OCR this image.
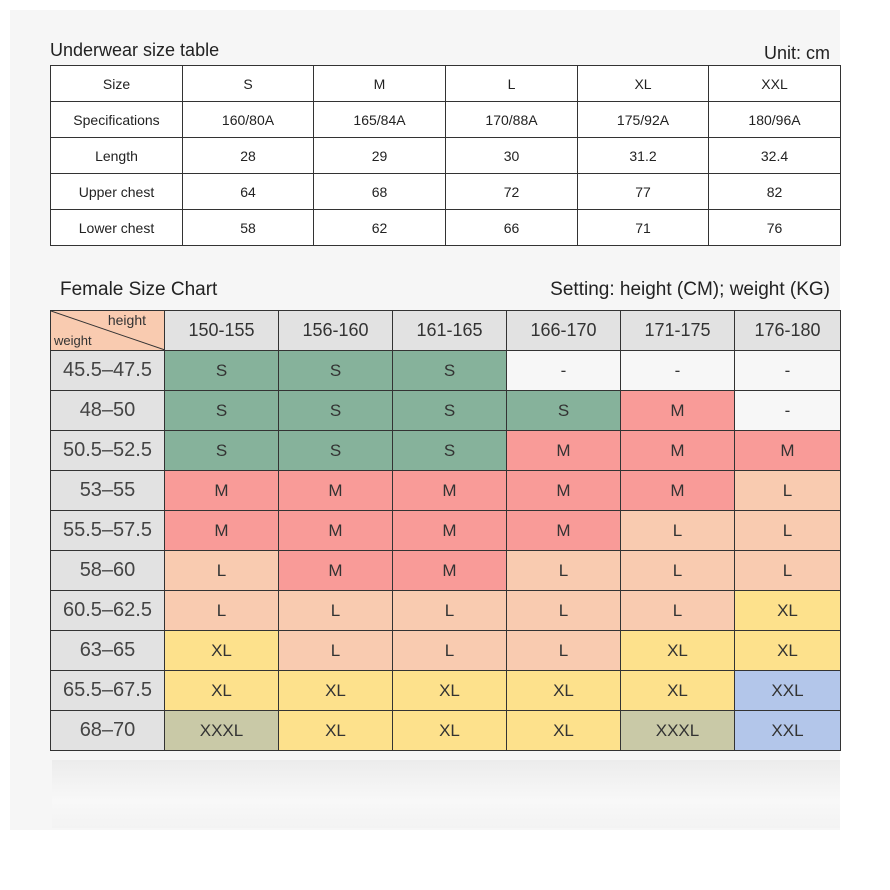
Underwear size table	Unit: cm
Size	S	M	L	XL	XXL
Specifications	160/80A	165/84A	170/88A	175/92A	180/96A
Length	28	29	30	31.2	32.4
Upper chest	64	68	72	77	82
Lower chest	58	62	66	71	76
Female Size Chart	Setting: height (CM); weight (KG)
height
weight	150-155	156-160	161-165	166-170	171-175	176-180
45.5–47.5	S	S	S	-	-	-
48–50	S	S	S	S	M	-
50.5–52.5	S	S	S	M	M	M
53–55	M	M	M	M	M	L
55.5–57.5	M	M	M	M	L	L
58–60	L	M	M	L	L	L
60.5–62.5	L	L	L	L	L	XL
63–65	XL	L	L	L	XL	XL
65.5–67.5	XL	XL	XL	XL	XL	XXL
68–70	XXXL	XL	XL	XL	XXXL	XXL
